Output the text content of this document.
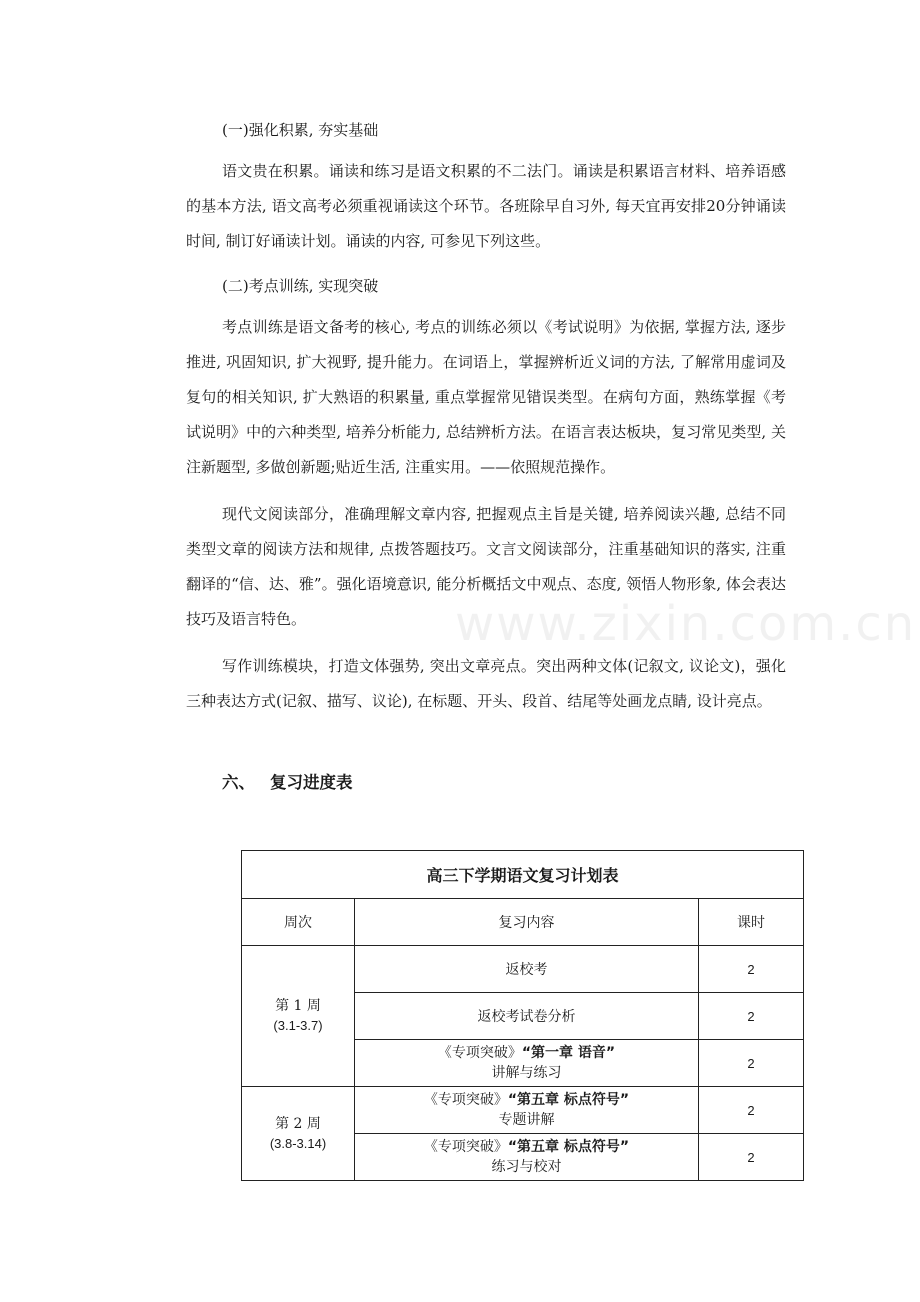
www.zixin.com.cn
(一)强化积累, 夯实基础
语文贵在积累。诵读和练习是语文积累的不二法门。诵读是积累语言材料、培养语感的基本方法, 语文高考必须重视诵读这个环节。各班除早自习外, 每天宜再安排20分钟诵读时间, 制订好诵读计划。诵读的内容, 可参见下列这些。
(二)考点训练, 实现突破
考点训练是语文备考的核心, 考点的训练必须以《考试说明》为依据, 掌握方法, 逐步推进, 巩固知识, 扩大视野, 提升能力。在词语上，掌握辨析近义词的方法, 了解常用虚词及复句的相关知识, 扩大熟语的积累量, 重点掌握常见错误类型。在病句方面，熟练掌握《考试说明》中的六种类型, 培养分析能力, 总结辨析方法。在语言表达板块，复习常见类型, 关注新题型, 多做创新题;贴近生活, 注重实用。——依照规范操作。
现代文阅读部分，准确理解文章内容, 把握观点主旨是关键, 培养阅读兴趣, 总结不同类型文章的阅读方法和规律, 点拨答题技巧。文言文阅读部分，注重基础知识的落实, 注重翻译的“信、达、雅”。强化语境意识, 能分析概括文中观点、态度, 领悟人物形象, 体会表达技巧及语言特色。
写作训练模块，打造文体强势, 突出文章亮点。突出两种文体(记叙文, 议论文)，强化三种表达方式(记叙、描写、议论), 在标题、开头、段首、结尾等处画龙点睛, 设计亮点。
六、 复习进度表
高三下学期语文复习计划表		
周次	复习内容	课时

第 1 周
(3.1-3.7)	返校考	2
	返校考试卷分析	2

	《专项突破》“第一章 语音”
讲解与练习	2

第 2 周
(3.8-3.14)	《专项突破》“第五章 标点符号”
专题讲解	2

	《专项突破》“第五章 标点符号”
练习与校对	2
